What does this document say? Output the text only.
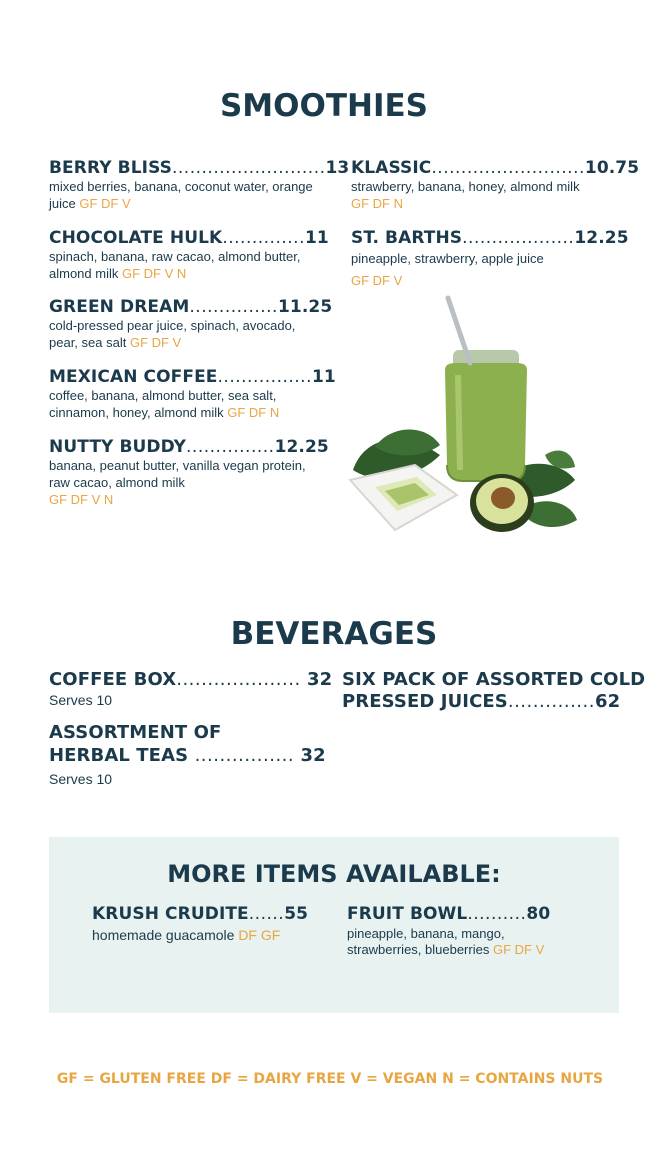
SMOOTHIES
BERRY BLISS..........................13
mixed berries, banana, coconut water, orange juice GF DF V
CHOCOLATE HULK..............11
spinach, banana, raw cacao, almond butter, almond milk GF DF V N
GREEN DREAM...............11.25
cold-pressed pear juice, spinach, avocado, pear, sea salt GF DF V
MEXICAN COFFEE................11
coffee, banana, almond butter, sea salt, cinnamon, honey, almond milk GF DF N
NUTTY BUDDY...............12.25
banana, peanut butter, vanilla vegan protein, raw cacao, almond milk
GF DF V N
KLASSIC..........................10.75
strawberry, banana, honey, almond milk
GF DF N
ST. BARTHS...................12.25
pineapple, strawberry, apple juice
GF DF V
BEVERAGES
COFFEE BOX.................... 32
Serves 10
ASSORTMENT OF
HERBAL TEAS ................ 32
Serves 10
SIX PACK OF ASSORTED COLD
PRESSED JUICES..............62
MORE ITEMS AVAILABLE:
KRUSH CRUDITE......55
homemade guacamole DF GF
FRUIT BOWL..........80
pineapple, banana, mango, strawberries, blueberries GF DF V
GF = GLUTEN FREE DF = DAIRY FREE V = VEGAN N = CONTAINS NUTS
